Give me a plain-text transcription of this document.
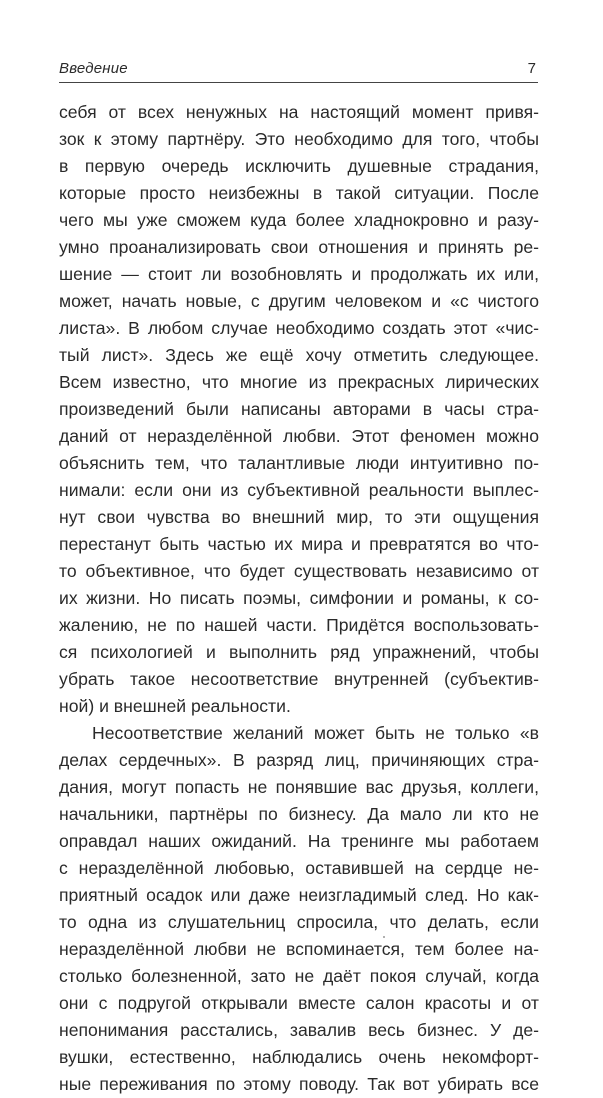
Введение	7
себя от всех ненужных на настоящий момент привя-
зок к этому партнёру. Это необходимо для того, чтобы
в первую очередь исключить душевные страдания,
которые просто неизбежны в такой ситуации. После
чего мы уже сможем куда более хладнокровно и разу-
умно проанализировать свои отношения и принять ре-
шение — стоит ли возобновлять и продолжать их или,
может, начать новые, с другим человеком и «с чистого
листа». В любом случае необходимо создать этот «чис-
тый лист». Здесь же ещё хочу отметить следующее.
Всем известно, что многие из прекрасных лирических
произведений были написаны авторами в часы стра-
даний от неразделённой любви. Этот феномен можно
объяснить тем, что талантливые люди интуитивно по-
нимали: если они из субъективной реальности выплес-
нут свои чувства во внешний мир, то эти ощущения
перестанут быть частью их мира и превратятся во что-
то объективное, что будет существовать независимо от
их жизни. Но писать поэмы, симфонии и романы, к со-
жалению, не по нашей части. Придётся воспользовать-
ся психологией и выполнить ряд упражнений, чтобы
убрать такое несоответствие внутренней (субъектив-
ной) и внешней реальности.
Несоответствие желаний может быть не только «в
делах сердечных». В разряд лиц, причиняющих стра-
дания, могут попасть не понявшие вас друзья, коллеги,
начальники, партнёры по бизнесу. Да мало ли кто не
оправдал наших ожиданий. На тренинге мы работаем
с неразделённой любовью, оставившей на сердце не-
приятный осадок или даже неизгладимый след. Но как-
то одна из слушательниц спросила, что делать, если
неразделённой любви не вспоминается, тем более на-
столько болезненной, зато не даёт покоя случай, когда
они с подругой открывали вместе салон красоты и от
непонимания расстались, завалив весь бизнес. У де-
вушки, естественно, наблюдались очень некомфорт-
ные переживания по этому поводу. Так вот убирать все
